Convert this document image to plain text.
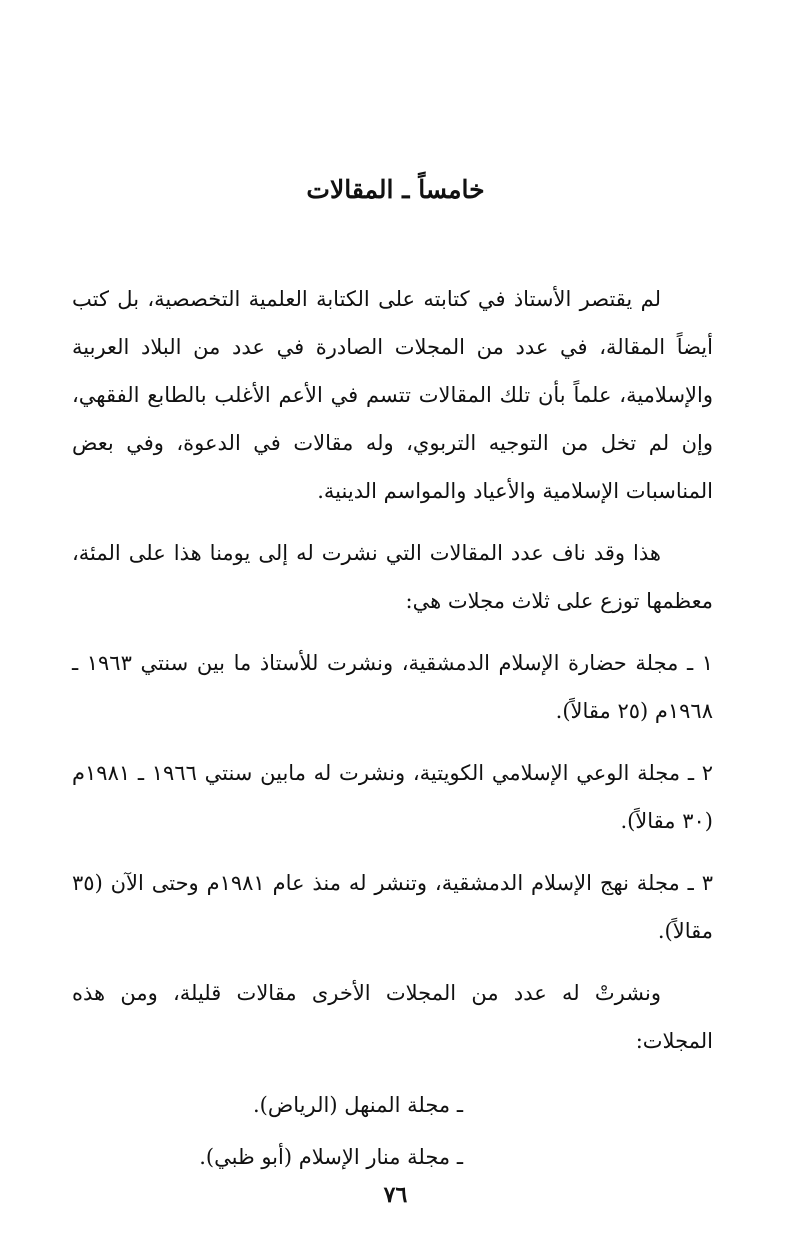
خامساً ـ المقالات

لم يقتصر الأستاذ في كتابته على الكتابة العلمية التخصصية، بل كتب أيضاً المقالة، في عدد من المجلات الصادرة في عدد من البلاد العربية والإسلامية، علماً بأن تلك المقالات تتسم في الأعم الأغلب بالطابع الفقهي، وإن لم تخل من التوجيه التربوي، وله مقالات في الدعوة، وفي بعض المناسبات الإسلامية والأعياد والمواسم الدينية.

هذا وقد ناف عدد المقالات التي نشرت له إلى يومنا هذا على المئة، معظمها توزع على ثلاث مجلات هي:

١ ـ مجلة حضارة الإسلام الدمشقية، ونشرت للأستاذ ما بين سنتي ١٩٦٣ ـ ١٩٦٨م (٢٥ مقالاً).

٢ ـ مجلة الوعي الإسلامي الكويتية، ونشرت له مابين سنتي ١٩٦٦ ـ ١٩٨١م (٣٠ مقالاً).

٣ ـ مجلة نهج الإسلام الدمشقية، وتنشر له منذ عام ١٩٨١م وحتى الآن (٣٥ مقالاً).

ونشرتْ له عدد من المجلات الأخرى مقالات قليلة، ومن هذه المجلات:

ـ مجلة المنهل (الرياض).
ـ مجلة منار الإسلام (أبو ظبي).
٧٦
